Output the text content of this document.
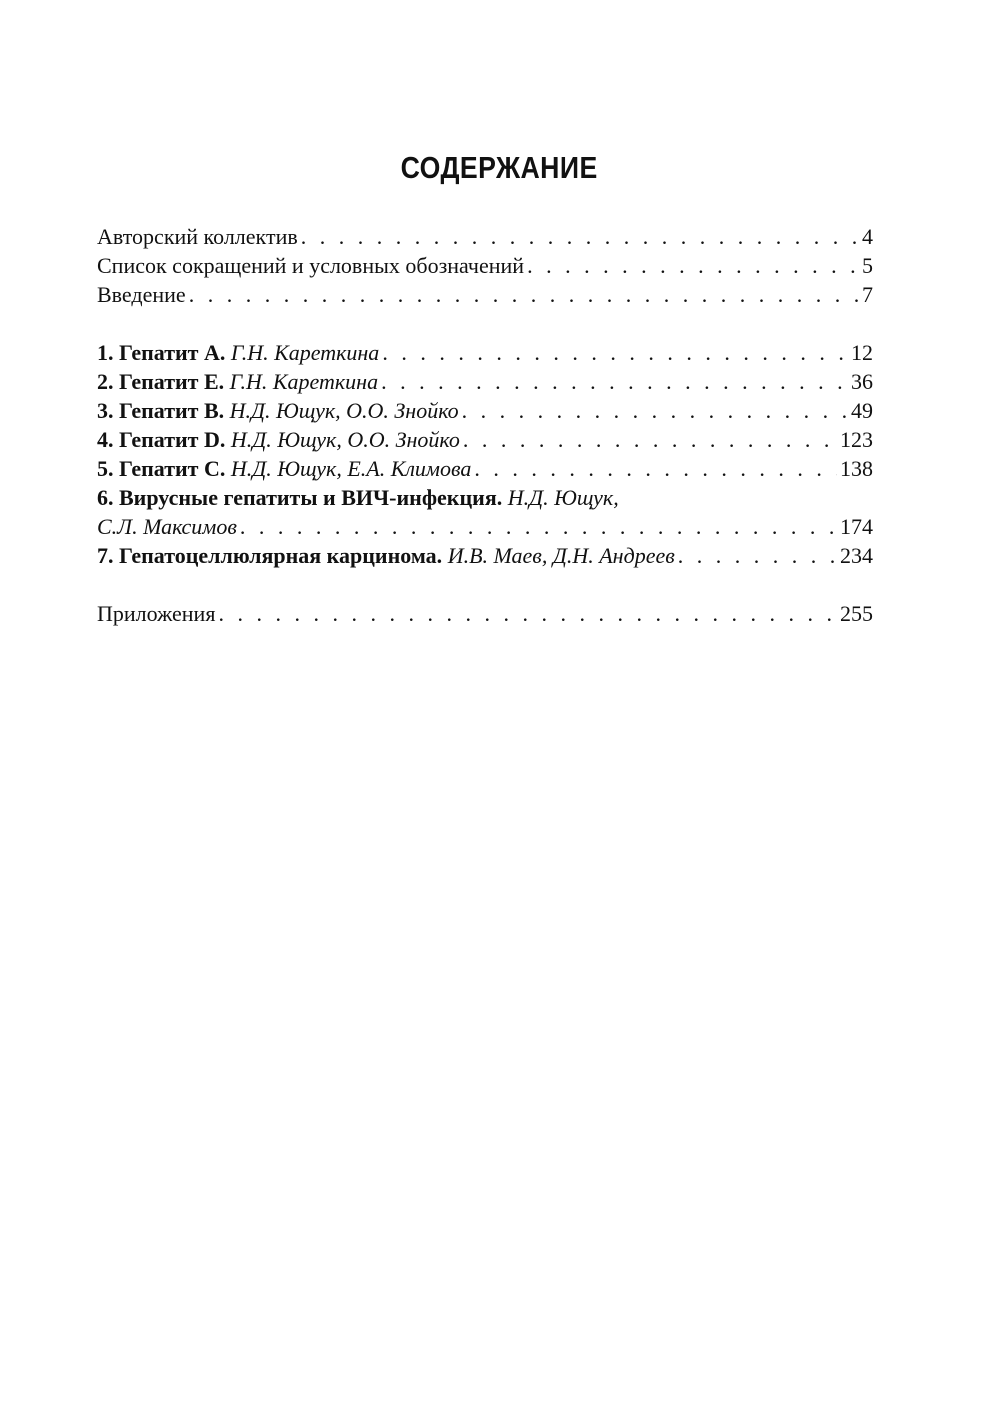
СОДЕРЖАНИЕ
Авторский коллектив . . .	4
Список сокращений и условных обозначений . . .	5
Введение . . .	7
1. Гепатит A. Г.Н. Кареткина . . .	12
2. Гепатит E. Г.Н. Кареткина . . .	36
3. Гепатит B. Н.Д. Ющук, О.О. Знойко . . .	49
4. Гепатит D. Н.Д. Ющук, О.О. Знойко . . .	123
5. Гепатит C. Н.Д. Ющук, Е.А. Климова . . .	138
6. Вирусные гепатиты и ВИЧ-инфекция. Н.Д. Ющук,
С.Л. Максимов . . .	174
7. Гепатоцеллюлярная карцинома. И.В. Маев, Д.Н. Андреев . . .	234
Приложения . . .	255
